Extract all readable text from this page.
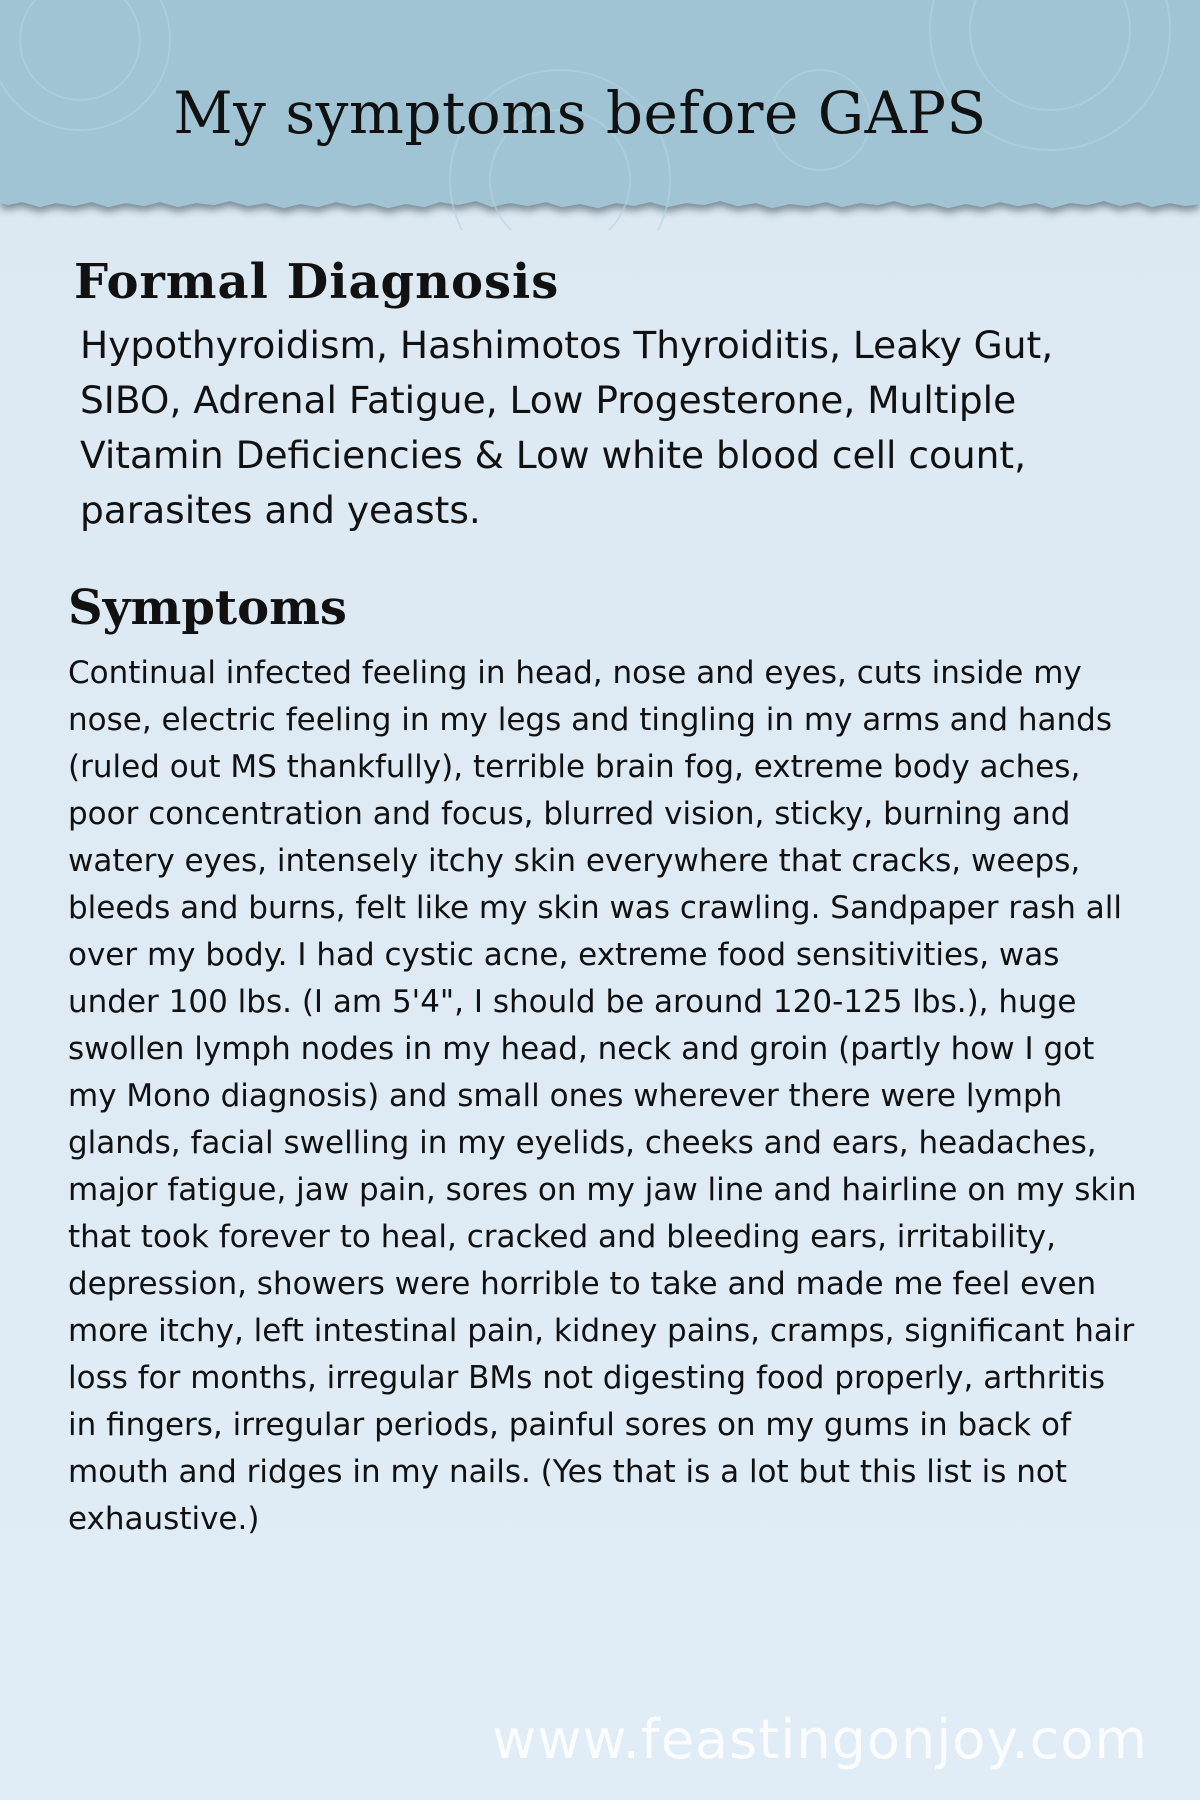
My symptoms before GAPS
Formal Diagnosis

Hypothyroidism, Hashimotos Thyroiditis, Leaky Gut, SIBO, Adrenal Fatigue, Low Progesterone, Multiple Vitamin Deficiencies & Low white blood cell count, parasites and yeasts.

Symptoms

Continual infected feeling in head, nose and eyes, cuts inside my nose, electric feeling in my legs and tingling in my arms and hands (ruled out MS thankfully), terrible brain fog, extreme body aches, poor concentration and focus, blurred vision, sticky, burning and watery eyes, intensely itchy skin everywhere that cracks, weeps, bleeds and burns, felt like my skin was crawling. Sandpaper rash all over my body. I had cystic acne, extreme food sensitivities, was under 100 lbs. (I am 5'4", I should be around 120-125 lbs.), huge swollen lymph nodes in my head, neck and groin (partly how I got my Mono diagnosis) and small ones wherever there were lymph glands, facial swelling in my eyelids, cheeks and ears, headaches, major fatigue, jaw pain, sores on my jaw line and hairline on my skin that took forever to heal, cracked and bleeding ears, irritability, depression, showers were horrible to take and made me feel even more itchy, left intestinal pain, kidney pains, cramps, significant hair loss for months, irregular BMs not digesting food properly, arthritis in fingers, irregular periods, painful sores on my gums in back of mouth and ridges in my nails. (Yes that is a lot but this list is not exhaustive.)

www.feastingonjoy.com
